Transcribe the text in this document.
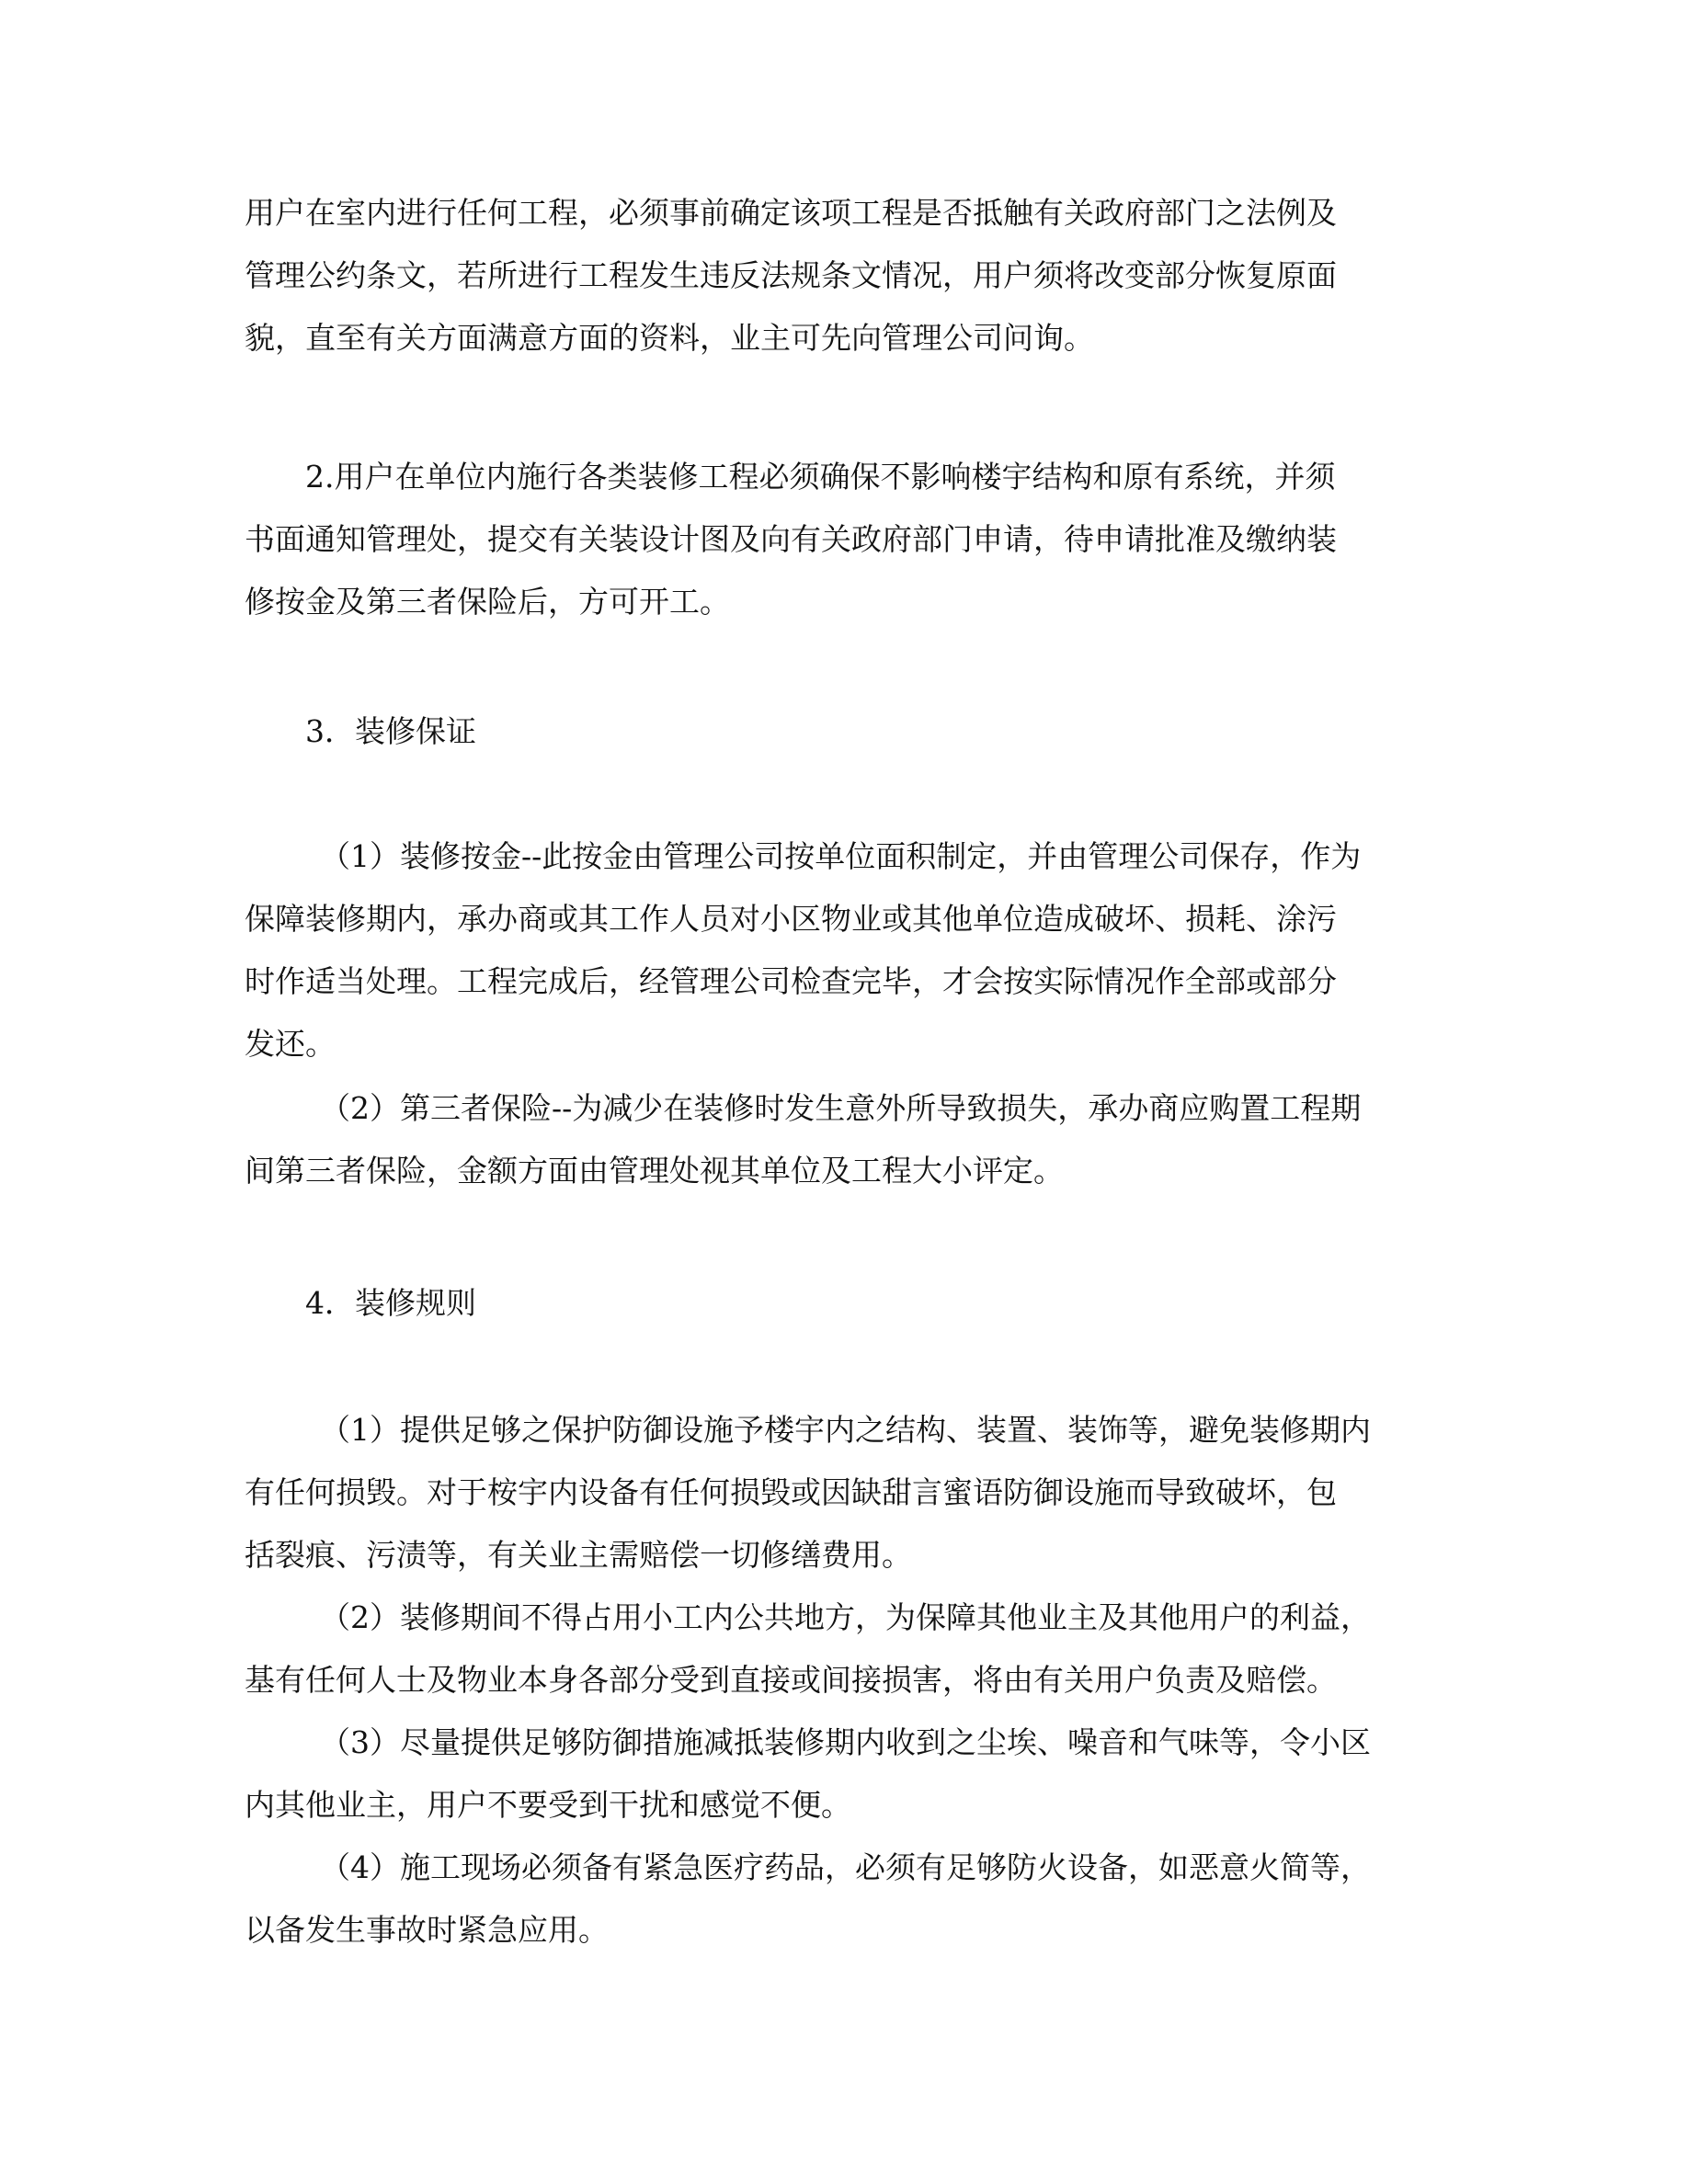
用户在室内进行任何工程，必须事前确定该项工程是否抵触有关政府部门之法例及
管理公约条文，若所进行工程发生违反法规条文情况，用户须将改变部分恢复原面
貌，直至有关方面满意方面的资料，业主可先向管理公司问询。
2.用户在单位内施行各类装修工程必须确保不影响楼宇结构和原有系统，并须
书面通知管理处，提交有关装设计图及向有关政府部门申请，待申请批准及缴纳装
修按金及第三者保险后，方可开工。
3．装修保证
（1）装修按金--此按金由管理公司按单位面积制定，并由管理公司保存，作为
保障装修期内，承办商或其工作人员对小区物业或其他单位造成破坏、损耗、涂污
时作适当处理。工程完成后，经管理公司检查完毕，才会按实际情况作全部或部分
发还。
（2）第三者保险--为减少在装修时发生意外所导致损失，承办商应购置工程期
间第三者保险，金额方面由管理处视其单位及工程大小评定。
4．装修规则
（1）提供足够之保护防御设施予楼宇内之结构、装置、装饰等，避免装修期内
有任何损毁。对于桉宇内设备有任何损毁或因缺甜言蜜语防御设施而导致破坏，包
括裂痕、污渍等，有关业主需赔偿一切修缮费用。
（2）装修期间不得占用小工内公共地方，为保障其他业主及其他用户的利益，
基有任何人士及物业本身各部分受到直接或间接损害，将由有关用户负责及赔偿。
（3）尽量提供足够防御措施减抵装修期内收到之尘埃、噪音和气味等，令小区
内其他业主，用户不要受到干扰和感觉不便。
（4）施工现场必须备有紧急医疗药品，必须有足够防火设备，如恶意火简等，
以备发生事故时紧急应用。
